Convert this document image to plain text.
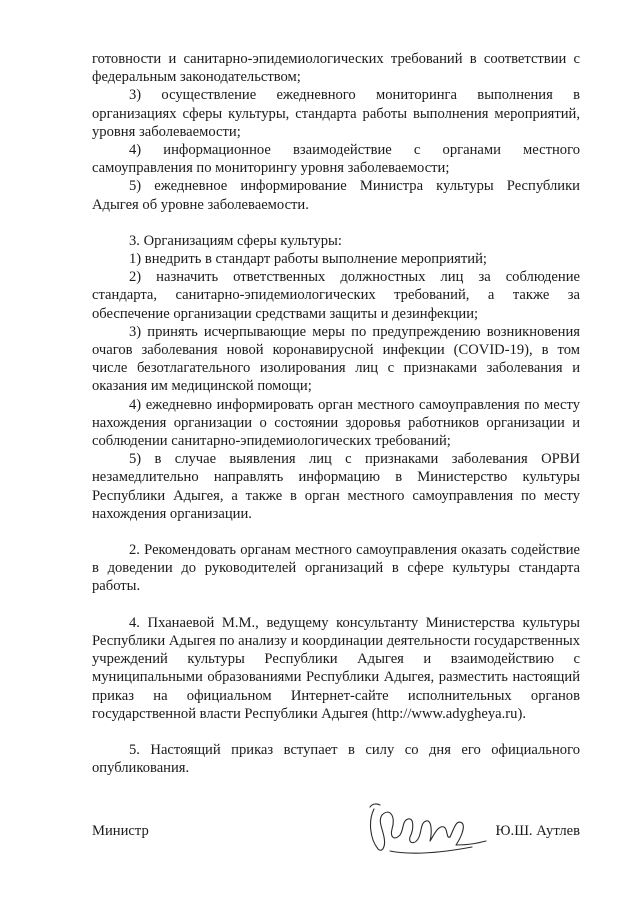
готовности и санитарно-эпидемиологических требований в соответствии с федеральным законодательством;

3) осуществление ежедневного мониторинга выполнения в организациях сферы культуры, стандарта работы выполнения мероприятий, уровня заболеваемости;

4) информационное взаимодействие с органами местного самоуправления по мониторингу уровня заболеваемости;

5) ежедневное информирование Министра культуры Республики Адыгея об уровне заболеваемости.

3. Организациям сферы культуры:

1) внедрить в стандарт работы выполнение мероприятий;

2) назначить ответственных должностных лиц за соблюдение стандарта, санитарно-эпидемиологических требований, а также за обеспечение организации средствами защиты и дезинфекции;

3) принять исчерпывающие меры по предупреждению возникновения очагов заболевания новой коронавирусной инфекции (COVID-19), в том числе безотлагательного изолирования лиц с признаками заболевания и оказания им медицинской помощи;

4) ежедневно информировать орган местного самоуправления по месту нахождения организации о состоянии здоровья работников организации и соблюдении санитарно-эпидемиологических требований;

5) в случае выявления лиц с признаками заболевания ОРВИ незамедлительно направлять информацию в Министерство культуры Республики Адыгея, а также в орган местного самоуправления по месту нахождения организации.

2. Рекомендовать органам местного самоуправления оказать содействие в доведении до руководителей организаций в сфере культуры стандарта работы.

4. Пханаевой М.М., ведущему консультанту Министерства культуры Республики Адыгея по анализу и координации деятельности государственных учреждений культуры Республики Адыгея и взаимодействию с муниципальными образованиями Республики Адыгея, разместить настоящий приказ на официальном Интернет-сайте исполнительных органов государственной власти Республики Адыгея (http://www.adygheya.ru).

5. Настоящий приказ вступает в силу со дня его официального опубликования.

Министр	Ю.Ш. Аутлев
